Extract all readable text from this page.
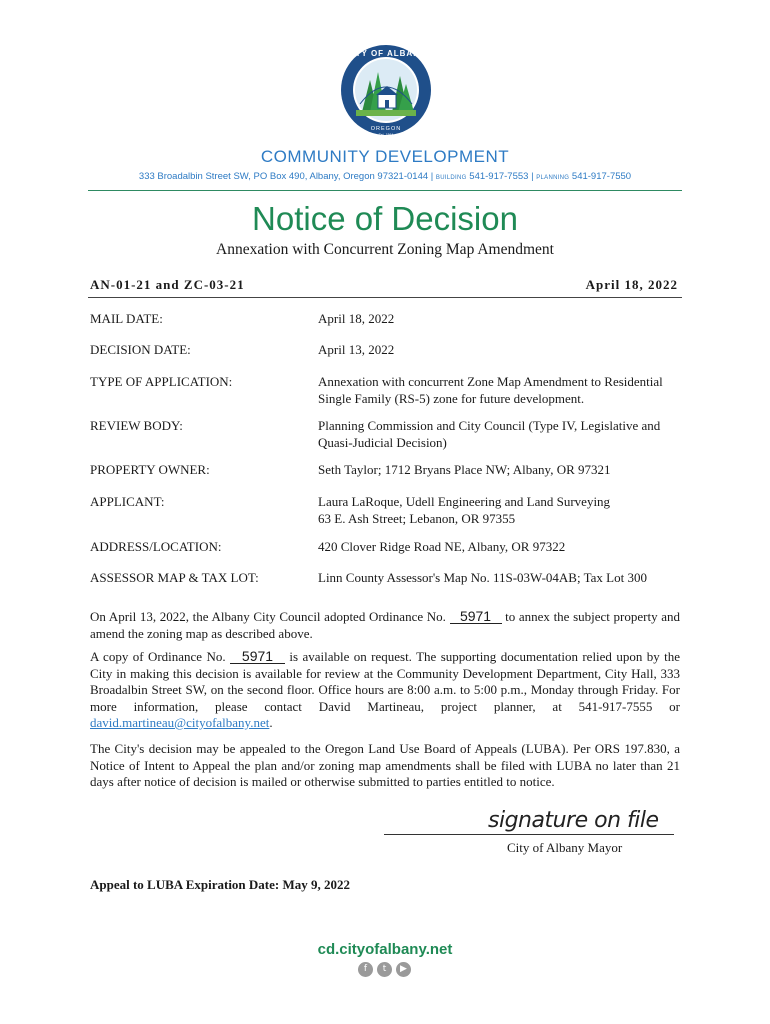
CITY OF ALBANY
OREGON
Est. 1864
COMMUNITY DEVELOPMENT
333 Broadalbin Street SW, PO Box 490, Albany, Oregon 97321-0144 | BUILDING 541-917-7553 | PLANNING 541-917-7550
Notice of Decision
Annexation with Concurrent Zoning Map Amendment
AN-01-21 and ZC-03-21	April 18, 2022
MAIL DATE:	April 18, 2022
DECISION DATE:	April 13, 2022
TYPE OF APPLICATION:	Annexation with concurrent Zone Map Amendment to Residential
Single Family (RS-5) zone for future development.
REVIEW BODY:	Planning Commission and City Council (Type IV, Legislative and
Quasi-Judicial Decision)
PROPERTY OWNER:	Seth Taylor; 1712 Bryans Place NW; Albany, OR 97321
APPLICANT:	Laura LaRoque, Udell Engineering and Land Surveying
63 E. Ash Street; Lebanon, OR 97355
ADDRESS/LOCATION:	420 Clover Ridge Road NE, Albany, OR 97322
ASSESSOR MAP & TAX LOT:	Linn County Assessor's Map No. 11S-03W-04AB; Tax Lot 300
On April 13, 2022, the Albany City Council adopted Ordinance No. 5971 to annex the subject property and amend the zoning map as described above.
A copy of Ordinance No. 5971 is available on request. The supporting documentation relied upon by the City in making this decision is available for review at the Community Development Department, City Hall, 333 Broadalbin Street SW, on the second floor. Office hours are 8:00 a.m. to 5:00 p.m., Monday through Friday. For more information, please contact David Martineau, project planner, at 541-917-7555 or david.martineau@cityofalbany.net.
The City's decision may be appealed to the Oregon Land Use Board of Appeals (LUBA). Per ORS 197.830, a Notice of Intent to Appeal the plan and/or zoning map amendments shall be filed with LUBA no later than 21 days after notice of decision is mailed or otherwise submitted to parties entitled to notice.
signature on file
City of Albany Mayor
Appeal to LUBA Expiration Date: May 9, 2022
cd.cityofalbany.net
f	t	▶
